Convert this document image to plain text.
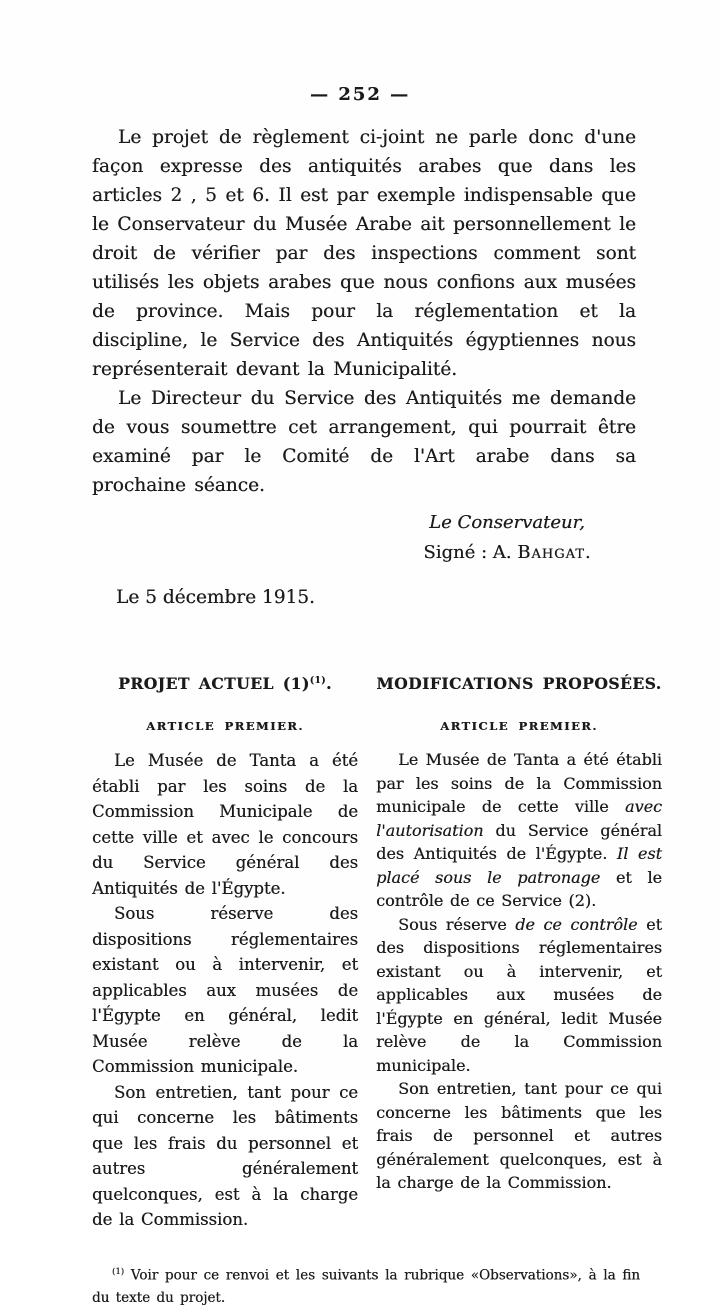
— 252 —

Le projet de règlement ci-joint ne parle donc d'une façon expresse des antiquités arabes que dans les articles 2 , 5 et 6. Il est par exemple indispensable que le Conservateur du Musée Arabe ait personnellement le droit de vérifier par des inspections comment sont utilisés les objets arabes que nous confions aux musées de province. Mais pour la réglementation et la discipline, le Service des Antiquités égyptiennes nous représenterait devant la Municipalité.

Le Directeur du Service des Antiquités me demande de vous soumettre cet arrangement, qui pourrait être examiné par le Comité de l'Art arabe dans sa prochaine séance.

Le Conservateur,
Signé : A. Bahgat.

Le 5 décembre 1915.

PROJET ACTUEL $(1)^{(1)}$.
ARTICLE PREMIER.

Le Musée de Tanta a été établi par les soins de la Commission Municipale de cette ville et avec le concours du Service général des Antiquités de l'Égypte.

Sous réserve des dispositions réglementaires existant ou à intervenir, et applicables aux musées de l'Égypte en général, ledit Musée relève de la Commission municipale.

Son entretien, tant pour ce qui concerne les bâtiments que les frais du personnel et autres généralement quelconques, est à la charge de la Commission.

MODIFICATIONS PROPOSÉES.
ARTICLE PREMIER.

Le Musée de Tanta a été établi par les soins de la Commission municipale de cette ville avec l'autorisation du Service général des Antiquités de l'Égypte. Il est placé sous le patronage et le contrôle de ce Service (2).

Sous réserve de ce contrôle et des dispositions réglementaires existant ou à intervenir, et applicables aux musées de l'Égypte en général, ledit Musée relève de la Commission municipale.

Son entretien, tant pour ce qui concerne les bâtiments que les frais de personnel et autres généralement quelconques, est à la charge de la Commission.

$^{(1)}$ Voir pour ce renvoi et les suivants la rubrique «Observations», à la fin du texte du projet.
